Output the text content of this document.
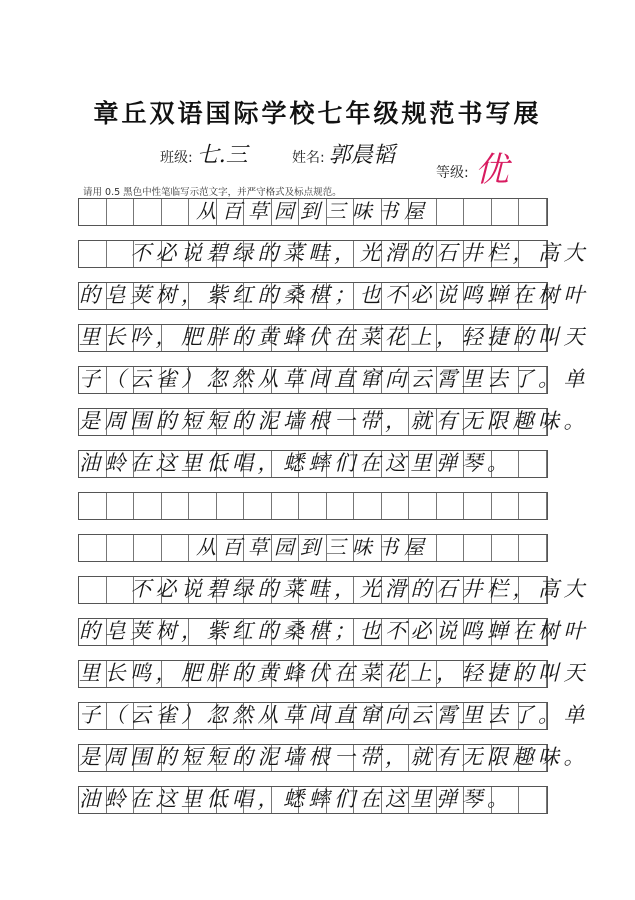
章丘双语国际学校七年级规范书写展
班级: 七.三	姓名: 郭晨韬
等级: 优
请用 0.5 黑色中性笔临写示范文字，并严守格式及标点规范。
从百草园到三味书屋
　　不必说碧绿的菜畦，光滑的石井栏，高大
的皂荚树，紫红的桑椹；也不必说鸣蝉在树叶
里长吟，肥胖的黄蜂伏在菜花上，轻捷的叫天
子（云雀）忽然从草间直窜向云霄里去了。单
是周围的短短的泥墙根一带，就有无限趣味。
油蛉在这里低唱，蟋蟀们在这里弹琴。
从百草园到三味书屋
　　不必说碧绿的菜畦，光滑的石井栏，高大
的皂荚树，紫红的桑椹；也不必说鸣蝉在树叶
里长鸣，肥胖的黄蜂伏在菜花上，轻捷的叫天
子（云雀）忽然从草间直窜向云霄里去了。单
是周围的短短的泥墙根一带，就有无限趣味。
油蛉在这里低唱，蟋蟀们在这里弹琴。
